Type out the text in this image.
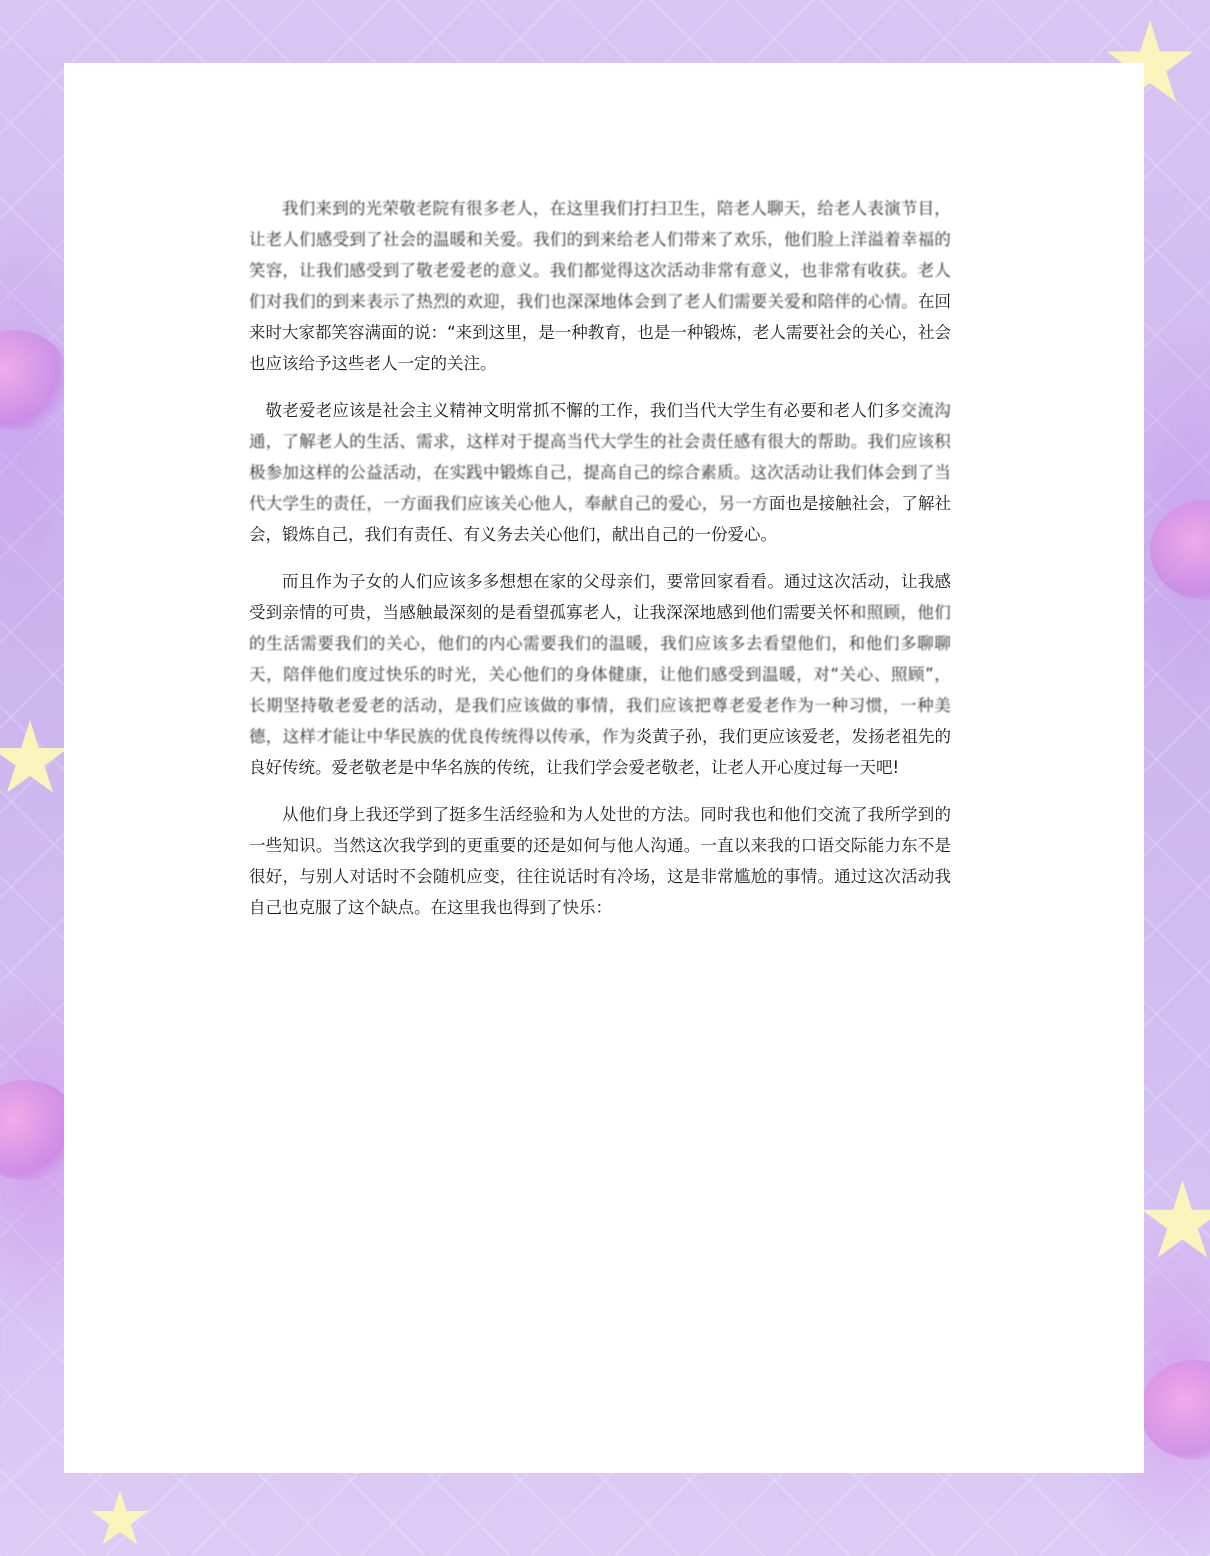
我们来到的光荣敬老院有很多老人，在这里我们打扫卫生，陪老人聊天，给老人表演节目，让老人们感受到了社会的温暖和关爱。我们的到来给老人们带来了欢乐，他们脸上洋溢着幸福的笑容，让我们感受到了敬老爱老的意义。我们都觉得这次活动非常有意义，也非常有收获。老人们对我们的到来表示了热烈的欢迎，我们也深深地体会到了老人们需要关爱和陪伴的心情。在回来时大家都笑容满面的说：“来到这里，是一种教育，也是一种锻炼，老人需要社会的关心，社会也应该给予这些老人一定的关注。

敬老爱老应该是社会主义精神文明常抓不懈的工作，我们当代大学生有必要和老人们多交流沟通，了解老人的生活、需求，这样对于提高当代大学生的社会责任感有很大的帮助。我们应该积极参加这样的公益活动，在实践中锻炼自己，提高自己的综合素质。这次活动让我们体会到了当代大学生的责任，一方面我们应该关心他人，奉献自己的爱心，另一方面也是接触社会，了解社会，锻炼自己，我们有责任、有义务去关心他们，献出自己的一份爱心。

而且作为子女的人们应该多多想想在家的父母亲们，要常回家看看。通过这次活动，让我感受到亲情的可贵，当感触最深刻的是看望孤寡老人，让我深深地感到他们需要关怀和照顾，他们的生活需要我们的关心，他们的内心需要我们的温暖，我们应该多去看望他们，和他们多聊聊天，陪伴他们度过快乐的时光，关心他们的身体健康，让他们感受到温暖，对“关心、照顾”，长期坚持敬老爱老的活动，是我们应该做的事情，我们应该把尊老爱老作为一种习惯，一种美德，这样才能让中华民族的优良传统得以传承，作为炎黄子孙，我们更应该爱老，发扬老祖先的良好传统。爱老敬老是中华名族的传统，让我们学会爱老敬老，让老人开心度过每一天吧!

从他们身上我还学到了挺多生活经验和为人处世的方法。同时我也和他们交流了我所学到的一些知识。当然这次我学到的更重要的还是如何与他人沟通。一直以来我的口语交际能力东不是很好，与别人对话时不会随机应变，往往说话时有冷场，这是非常尴尬的事情。通过这次活动我自己也克服了这个缺点。在这里我也得到了快乐：
